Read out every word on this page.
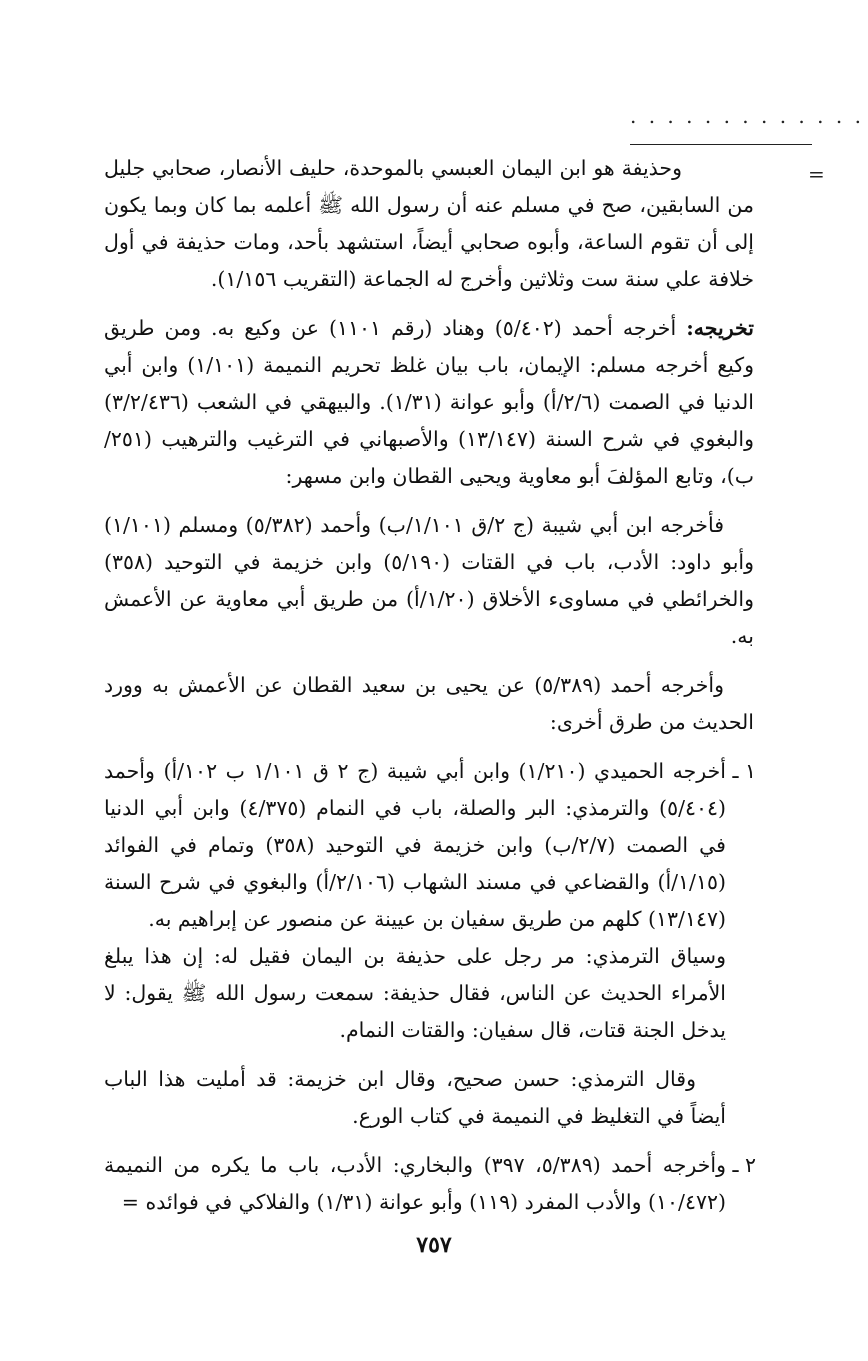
. . . . . . . . . . . . .
=

وحذيفة هو ابن اليمان العبسي بالموحدة، حليف الأنصار، صحابي جليل من السابقين، صح في مسلم عنه أن رسول الله ﷺ أعلمه بما كان وبما يكون إلى أن تقوم الساعة، وأبوه صحابي أيضاً، استشهد بأحد، ومات حذيفة في أول خلافة علي سنة ست وثلاثين وأخرج له الجماعة (التقريب ١/١٥٦).

تخريجه: أخرجه أحمد (٥/٤٠٢) وهناد (رقم ١١٠١) عن وكيع به. ومن طريق وكيع أخرجه مسلم: الإيمان، باب بيان غلظ تحريم النميمة (١/١٠١) وابن أبي الدنيا في الصمت (٢/٦/أ) وأبو عوانة (١/٣١). والبيهقي في الشعب (٣/٢/٤٣٦) والبغوي في شرح السنة (١٣/١٤٧) والأصبهاني في الترغيب والترهيب (٢٥١/ب)، وتابع المؤلفَ أبو معاوية ويحيى القطان وابن مسهر:

فأخرجه ابن أبي شيبة (ج ٢/ق ١/١٠١/ب) وأحمد (٥/٣٨٢) ومسلم (١/١٠١) وأبو داود: الأدب، باب في القتات (٥/١٩٠) وابن خزيمة في التوحيد (٣٥٨) والخرائطي في مساوىء الأخلاق (١/٢٠/أ) من طريق أبي معاوية عن الأعمش به.

وأخرجه أحمد (٥/٣٨٩) عن يحيى بن سعيد القطان عن الأعمش به وورد الحديث من طرق أخرى:

١ ـ

أخرجه الحميدي (١/٢١٠) وابن أبي شيبة (ج ٢ ق ١/١٠١ ب ١٠٢/أ) وأحمد (٥/٤٠٤) والترمذي: البر والصلة، باب في النمام (٤/٣٧٥) وابن أبي الدنيا في الصمت (٢/٧/ب) وابن خزيمة في التوحيد (٣٥٨) وتمام في الفوائد (١/١٥/أ) والقضاعي في مسند الشهاب (٢/١٠٦/أ) والبغوي في شرح السنة (١٣/١٤٧) كلهم من طريق سفيان بن عيينة عن منصور عن إبراهيم به.

وسياق الترمذي: مر رجل على حذيفة بن اليمان فقيل له: إن هذا يبلغ الأمراء الحديث عن الناس، فقال حذيفة: سمعت رسول الله ﷺ يقول: لا يدخل الجنة قتات، قال سفيان: والقتات النمام.

وقال الترمذي: حسن صحيح، وقال ابن خزيمة: قد أمليت هذا الباب أيضاً في التغليظ في النميمة في كتاب الورع.

٢ ـ

وأخرجه أحمد (٥/٣٨٩، ٣٩٧) والبخاري: الأدب، باب ما يكره من النميمة (١٠/٤٧٢) والأدب المفرد (١١٩) وأبو عوانة (١/٣١) والفلاكي في فوائده =

٧٥٧
